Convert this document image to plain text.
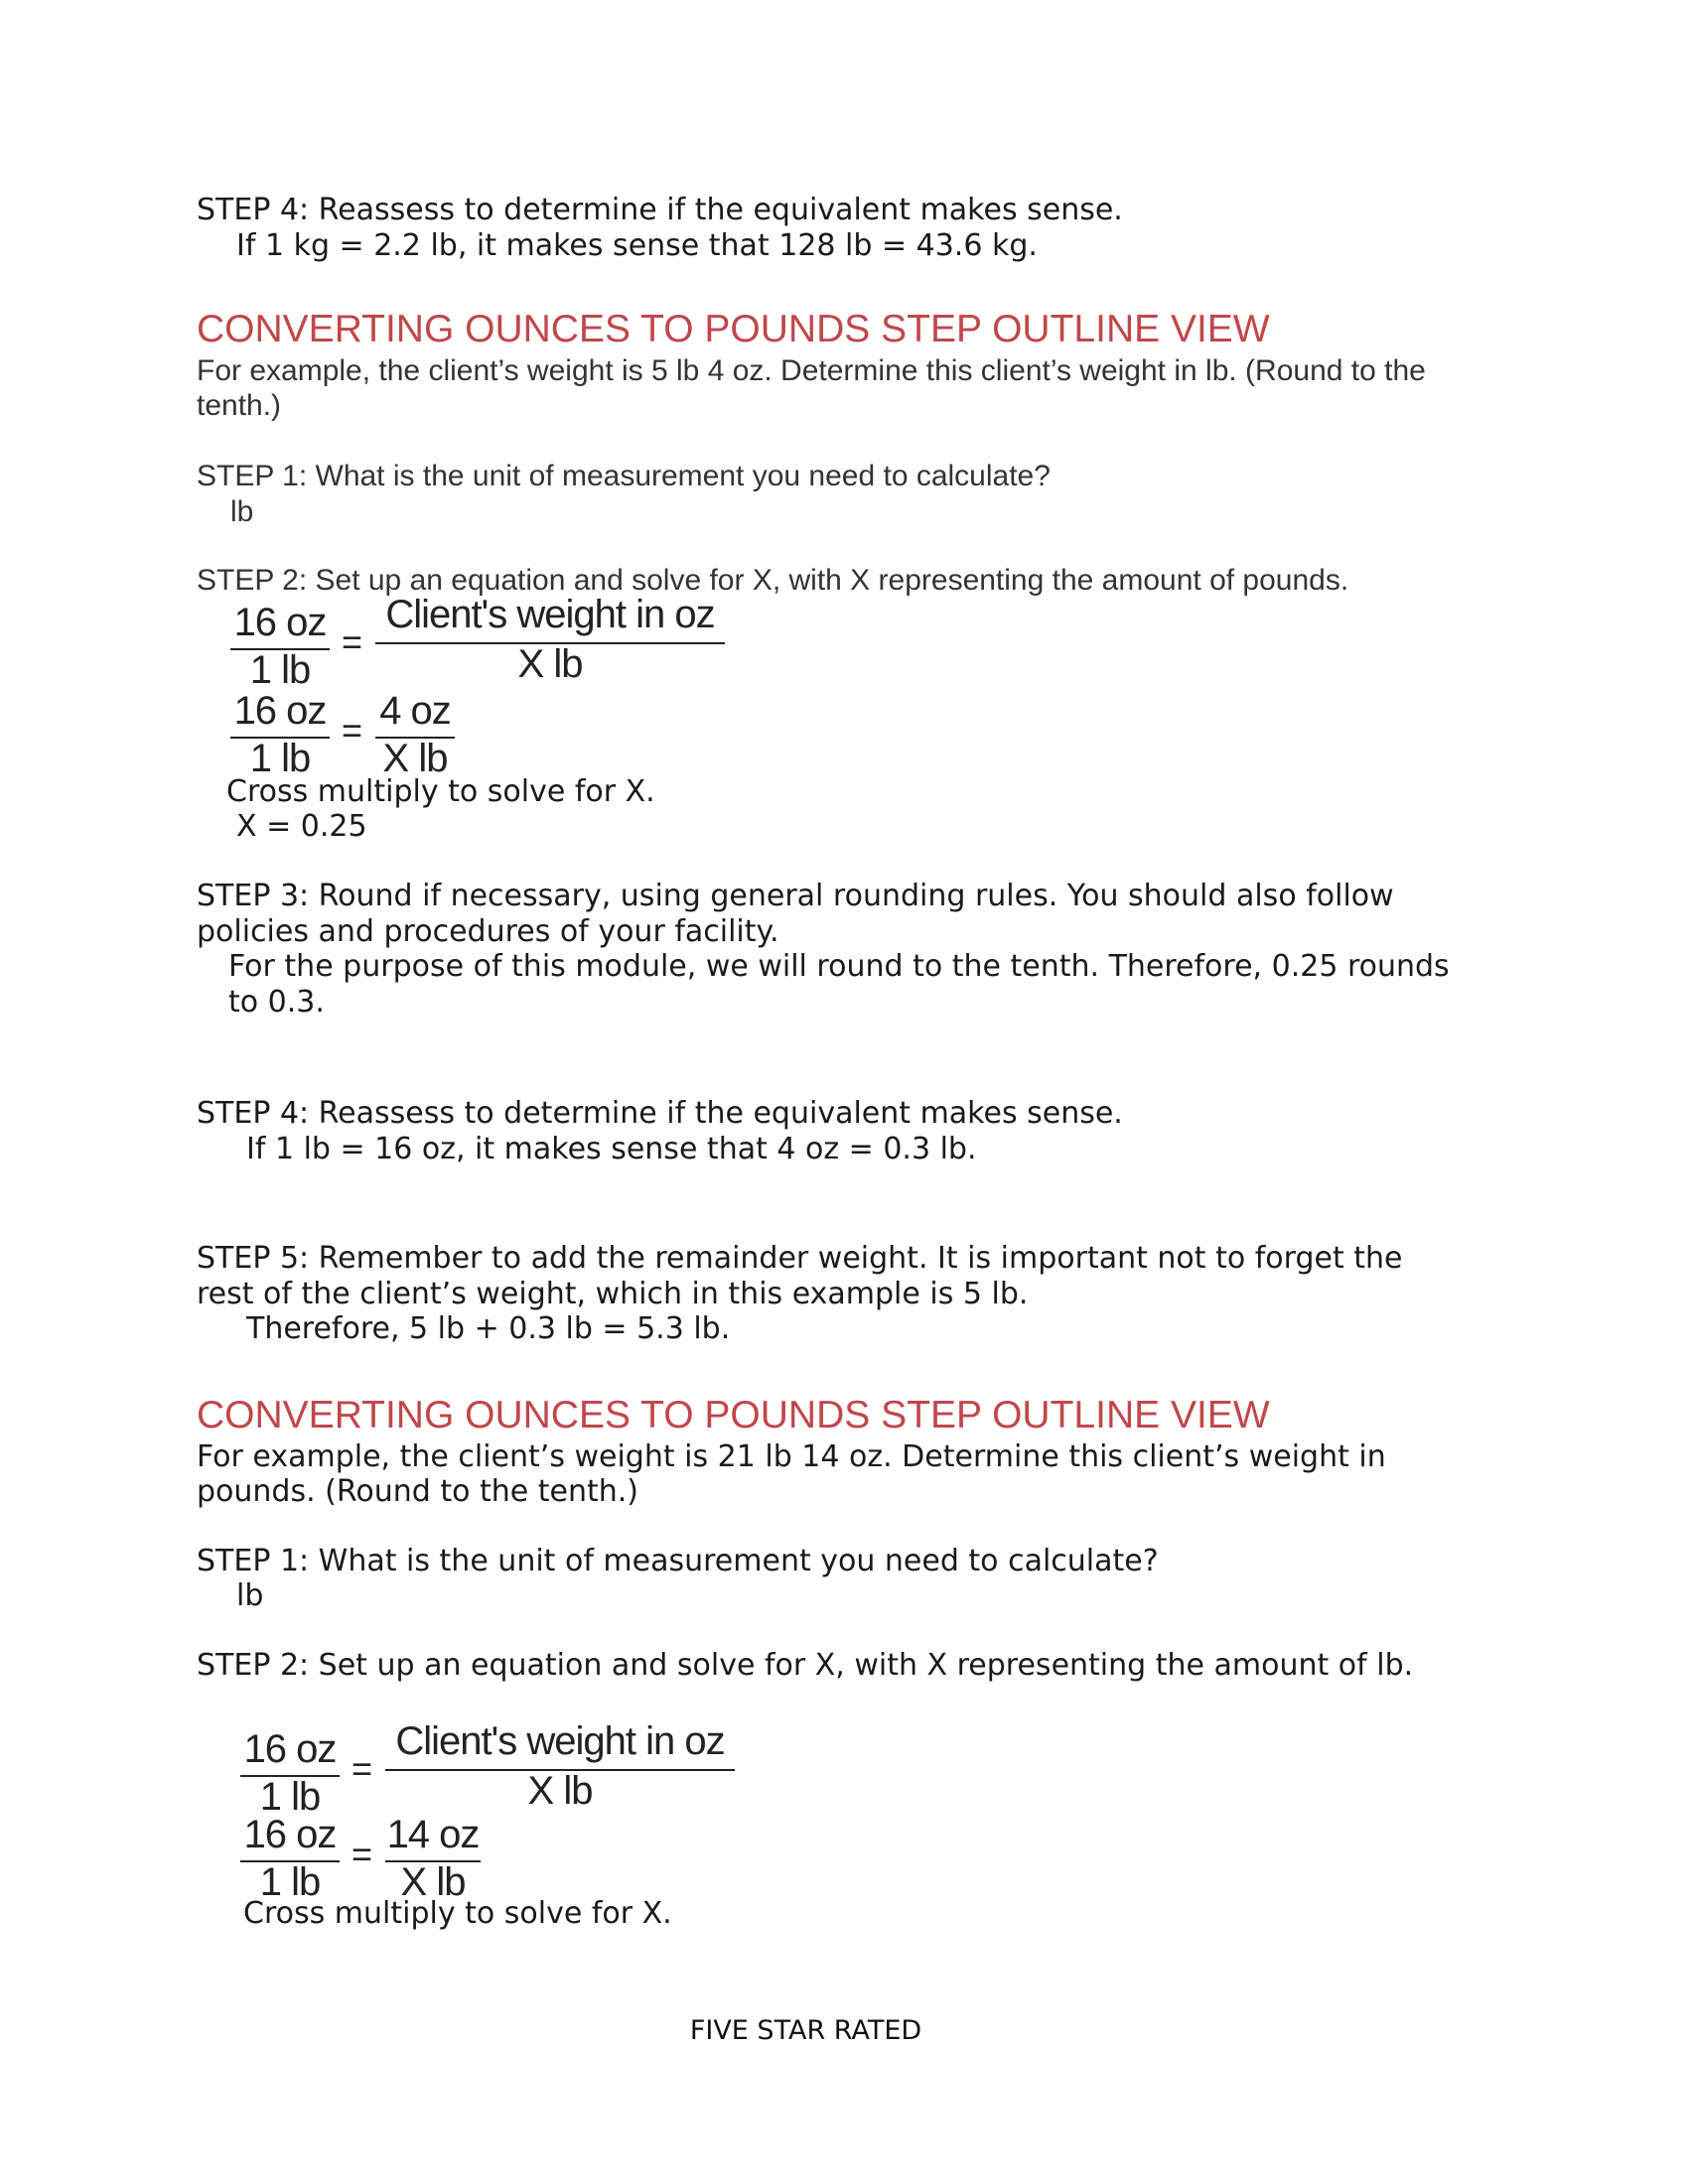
STEP 4: Reassess to determine if the equivalent makes sense.
If 1 kg = 2.2 lb, it makes sense that 128 lb = 43.6 kg.
CONVERTING OUNCES TO POUNDS STEP OUTLINE VIEW
For example, the client’s weight is 5 lb 4 oz. Determine this client’s weight in lb. (Round to the
tenth.)
STEP 1: What is the unit of measurement you need to calculate?
lb
STEP 2: Set up an equation and solve for X, with X representing the amount of pounds.
16 oz
1 lb
=
Client's weight in oz
X lb
16 oz
1 lb
= 4 oz
X lb
Cross multiply to solve for X.
X = 0.25
STEP 3: Round if necessary, using general rounding rules. You should also follow
policies and procedures of your facility.
For the purpose of this module, we will round to the tenth. Therefore, 0.25 rounds
to 0.3.
STEP 4: Reassess to determine if the equivalent makes sense.
If 1 lb = 16 oz, it makes sense that 4 oz = 0.3 lb.
STEP 5: Remember to add the remainder weight. It is important not to forget the
rest of the client’s weight, which in this example is 5 lb.
Therefore, 5 lb + 0.3 lb = 5.3 lb.
CONVERTING OUNCES TO POUNDS STEP OUTLINE VIEW
For example, the client’s weight is 21 lb 14 oz. Determine this client’s weight in
pounds. (Round to the tenth.)
STEP 1: What is the unit of measurement you need to calculate?
lb
STEP 2: Set up an equation and solve for X, with X representing the amount of lb.
16 oz
1 lb
=
Client's weight in oz
X lb
16 oz
1 lb
= 14 oz
X lb
Cross multiply to solve for X.
FIVE STAR RATED
